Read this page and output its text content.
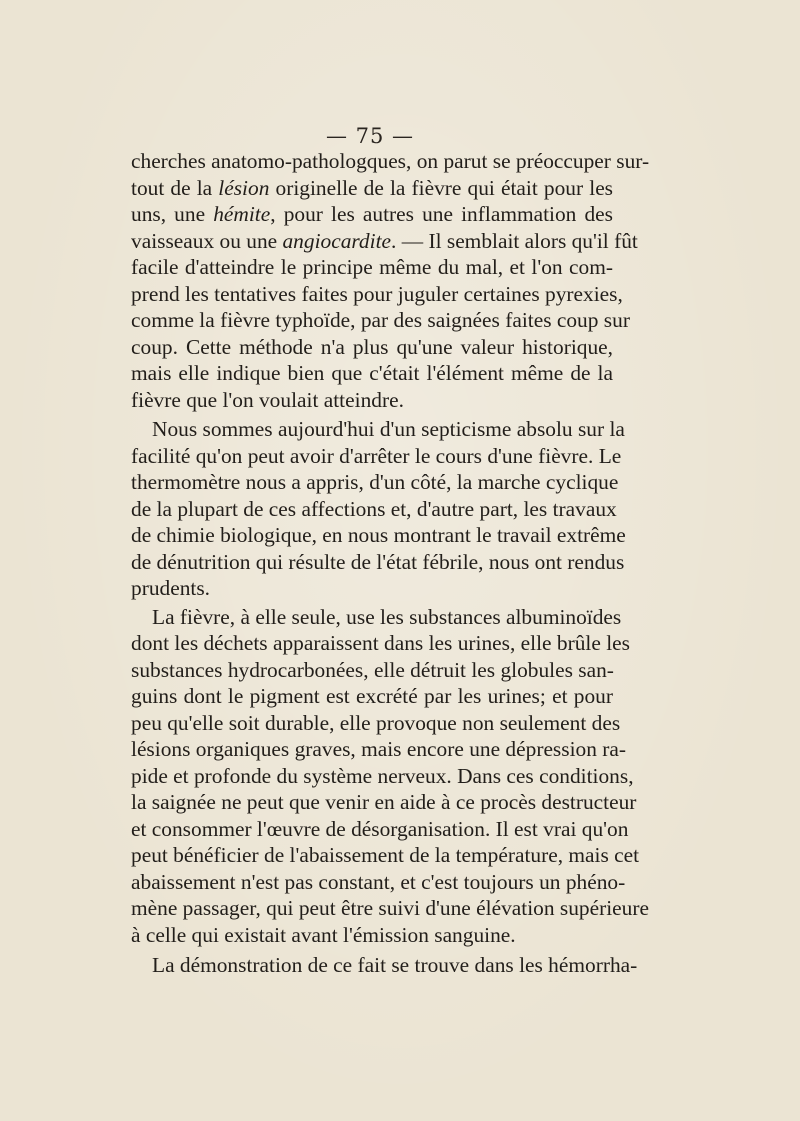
— 75 —
cherches anatomo-pathologques, on parut se préoccuper sur-
tout de la lésion originelle de la fièvre qui était pour les
uns, une hémite, pour les autres une inflammation des
vaisseaux ou une angiocardite. — Il semblait alors qu'il fût
facile d'atteindre le principe même du mal, et l'on com-
prend les tentatives faites pour juguler certaines pyrexies,
comme la fièvre typhoïde, par des saignées faites coup sur
coup. Cette méthode n'a plus qu'une valeur historique,
mais elle indique bien que c'était l'élément même de la
fièvre que l'on voulait atteindre.
Nous sommes aujourd'hui d'un septicisme absolu sur la
facilité qu'on peut avoir d'arrêter le cours d'une fièvre. Le
thermomètre nous a appris, d'un côté, la marche cyclique
de la plupart de ces affections et, d'autre part, les travaux
de chimie biologique, en nous montrant le travail extrême
de dénutrition qui résulte de l'état fébrile, nous ont rendus
prudents.
La fièvre, à elle seule, use les substances albuminoïdes
dont les déchets apparaissent dans les urines, elle brûle les
substances hydrocarbonées, elle détruit les globules san-
guins dont le pigment est excrété par les urines; et pour
peu qu'elle soit durable, elle provoque non seulement des
lésions organiques graves, mais encore une dépression ra-
pide et profonde du système nerveux. Dans ces conditions,
la saignée ne peut que venir en aide à ce procès destructeur
et consommer l'œuvre de désorganisation. Il est vrai qu'on
peut bénéficier de l'abaissement de la température, mais cet
abaissement n'est pas constant, et c'est toujours un phéno-
mène passager, qui peut être suivi d'une élévation supérieure
à celle qui existait avant l'émission sanguine.
La démonstration de ce fait se trouve dans les hémorrha-
